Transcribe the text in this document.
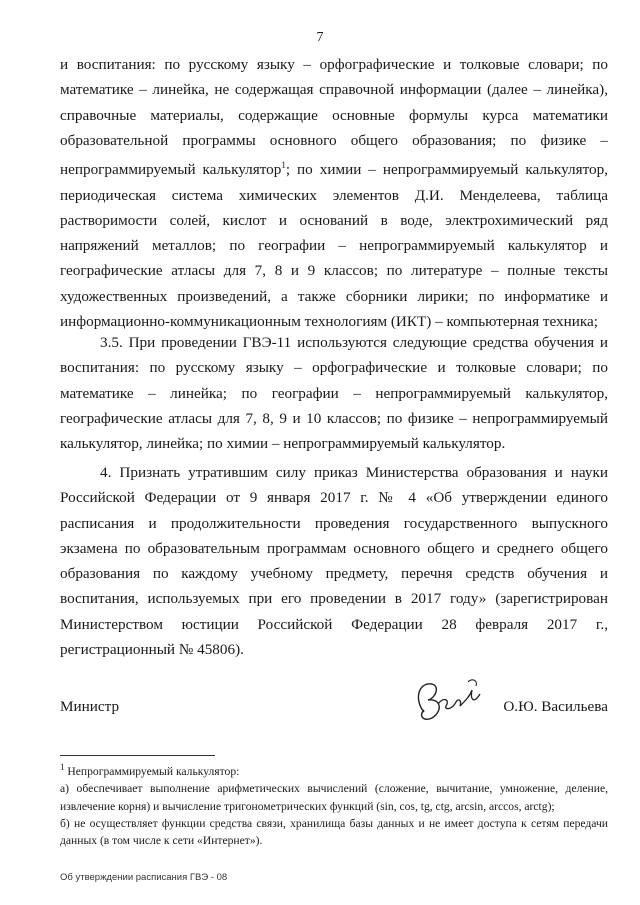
7

и воспитания: по русскому языку – орфографические и толковые словари; по математике – линейка, не содержащая справочной информации (далее – линейка), справочные материалы, содержащие основные формулы курса математики образовательной программы основного общего образования; по физике – непрограммируемый калькулятор$^1$; по химии – непрограммируемый калькулятор, периодическая система химических элементов Д.И. Менделеева, таблица растворимости солей, кислот и оснований в воде, электрохимический ряд напряжений металлов; по географии – непрограммируемый калькулятор и географические атласы для 7, 8 и 9 классов; по литературе – полные тексты художественных произведений, а также сборники лирики; по информатике и информационно-коммуникационным технологиям (ИКТ) – компьютерная техника;

3.5. При проведении ГВЭ-11 используются следующие средства обучения и воспитания: по русскому языку – орфографические и толковые словари; по математике – линейка; по географии – непрограммируемый калькулятор, географические атласы для 7, 8, 9 и 10 классов; по физике – непрограммируемый калькулятор, линейка; по химии – непрограммируемый калькулятор.

4. Признать утратившим силу приказ Министерства образования и науки Российской Федерации от 9 января 2017 г. № 4 «Об утверждении единого расписания и продолжительности проведения государственного выпускного экзамена по образовательным программам основного общего и среднего общего образования по каждому учебному предмету, перечня средств обучения и воспитания, используемых при его проведении в 2017 году» (зарегистрирован Министерством юстиции Российской Федерации 28 февраля 2017 г., регистрационный № 45806).

Министр	О.Ю. Васильева

$^1$ Непрограммируемый калькулятор:

а) обеспечивает выполнение арифметических вычислений (сложение, вычитание, умножение, деление, извлечение корня) и вычисление тригонометрических функций (sin, cos, tg, ctg, arcsin, arccos, arctg);

б) не осуществляет функции средства связи, хранилища базы данных и не имеет доступа к сетям передачи данных (в том числе к сети «Интернет»).

Об утверждении расписания ГВЭ - 08
